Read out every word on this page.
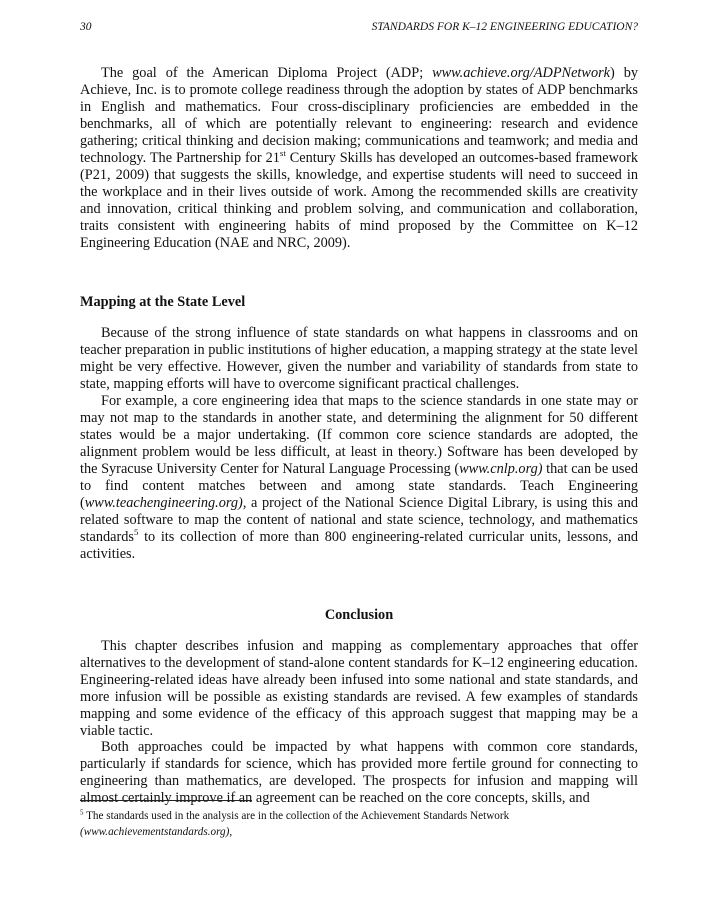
30	STANDARDS FOR K–12 ENGINEERING EDUCATION?

The goal of the American Diploma Project (ADP; www.achieve.org/ADPNetwork) by Achieve, Inc. is to promote college readiness through the adoption by states of ADP benchmarks in English and mathematics. Four cross-disciplinary proficiencies are embedded in the benchmarks, all of which are potentially relevant to engineering: research and evidence gathering; critical thinking and decision making; communications and teamwork; and media and technology. The Partnership for 21st Century Skills has developed an outcomes-based framework (P21, 2009) that suggests the skills, knowledge, and expertise students will need to succeed in the workplace and in their lives outside of work. Among the recommended skills are creativity and innovation, critical thinking and problem solving, and communication and collaboration, traits consistent with engineering habits of mind proposed by the Committee on K–12 Engineering Education (NAE and NRC, 2009).

Mapping at the State Level

Because of the strong influence of state standards on what happens in classrooms and on teacher preparation in public institutions of higher education, a mapping strategy at the state level might be very effective. However, given the number and variability of standards from state to state, mapping efforts will have to overcome significant practical challenges.

For example, a core engineering idea that maps to the science standards in one state may or may not map to the standards in another state, and determining the alignment for 50 different states would be a major undertaking. (If common core science standards are adopted, the alignment problem would be less difficult, at least in theory.) Software has been developed by the Syracuse University Center for Natural Language Processing (www.cnlp.org) that can be used to find content matches between and among state standards. Teach Engineering (www.teachengineering.org), a project of the National Science Digital Library, is using this and related software to map the content of national and state science, technology, and mathematics standards$^5$ to its collection of more than 800 engineering-related curricular units, lessons, and activities.

Conclusion

This chapter describes infusion and mapping as complementary approaches that offer alternatives to the development of stand-alone content standards for K–12 engineering education. Engineering-related ideas have already been infused into some national and state standards, and more infusion will be possible as existing standards are revised. A few examples of standards mapping and some evidence of the efficacy of this approach suggest that mapping may be a viable tactic.

Both approaches could be impacted by what happens with common core standards, particularly if standards for science, which has provided more fertile ground for connecting to engineering than mathematics, are developed. The prospects for infusion and mapping will almost certainly improve if an agreement can be reached on the core concepts, skills, and

$^5$ The standards used in the analysis are in the collection of the Achievement Standards Network
(www.achievementstandards.org),
